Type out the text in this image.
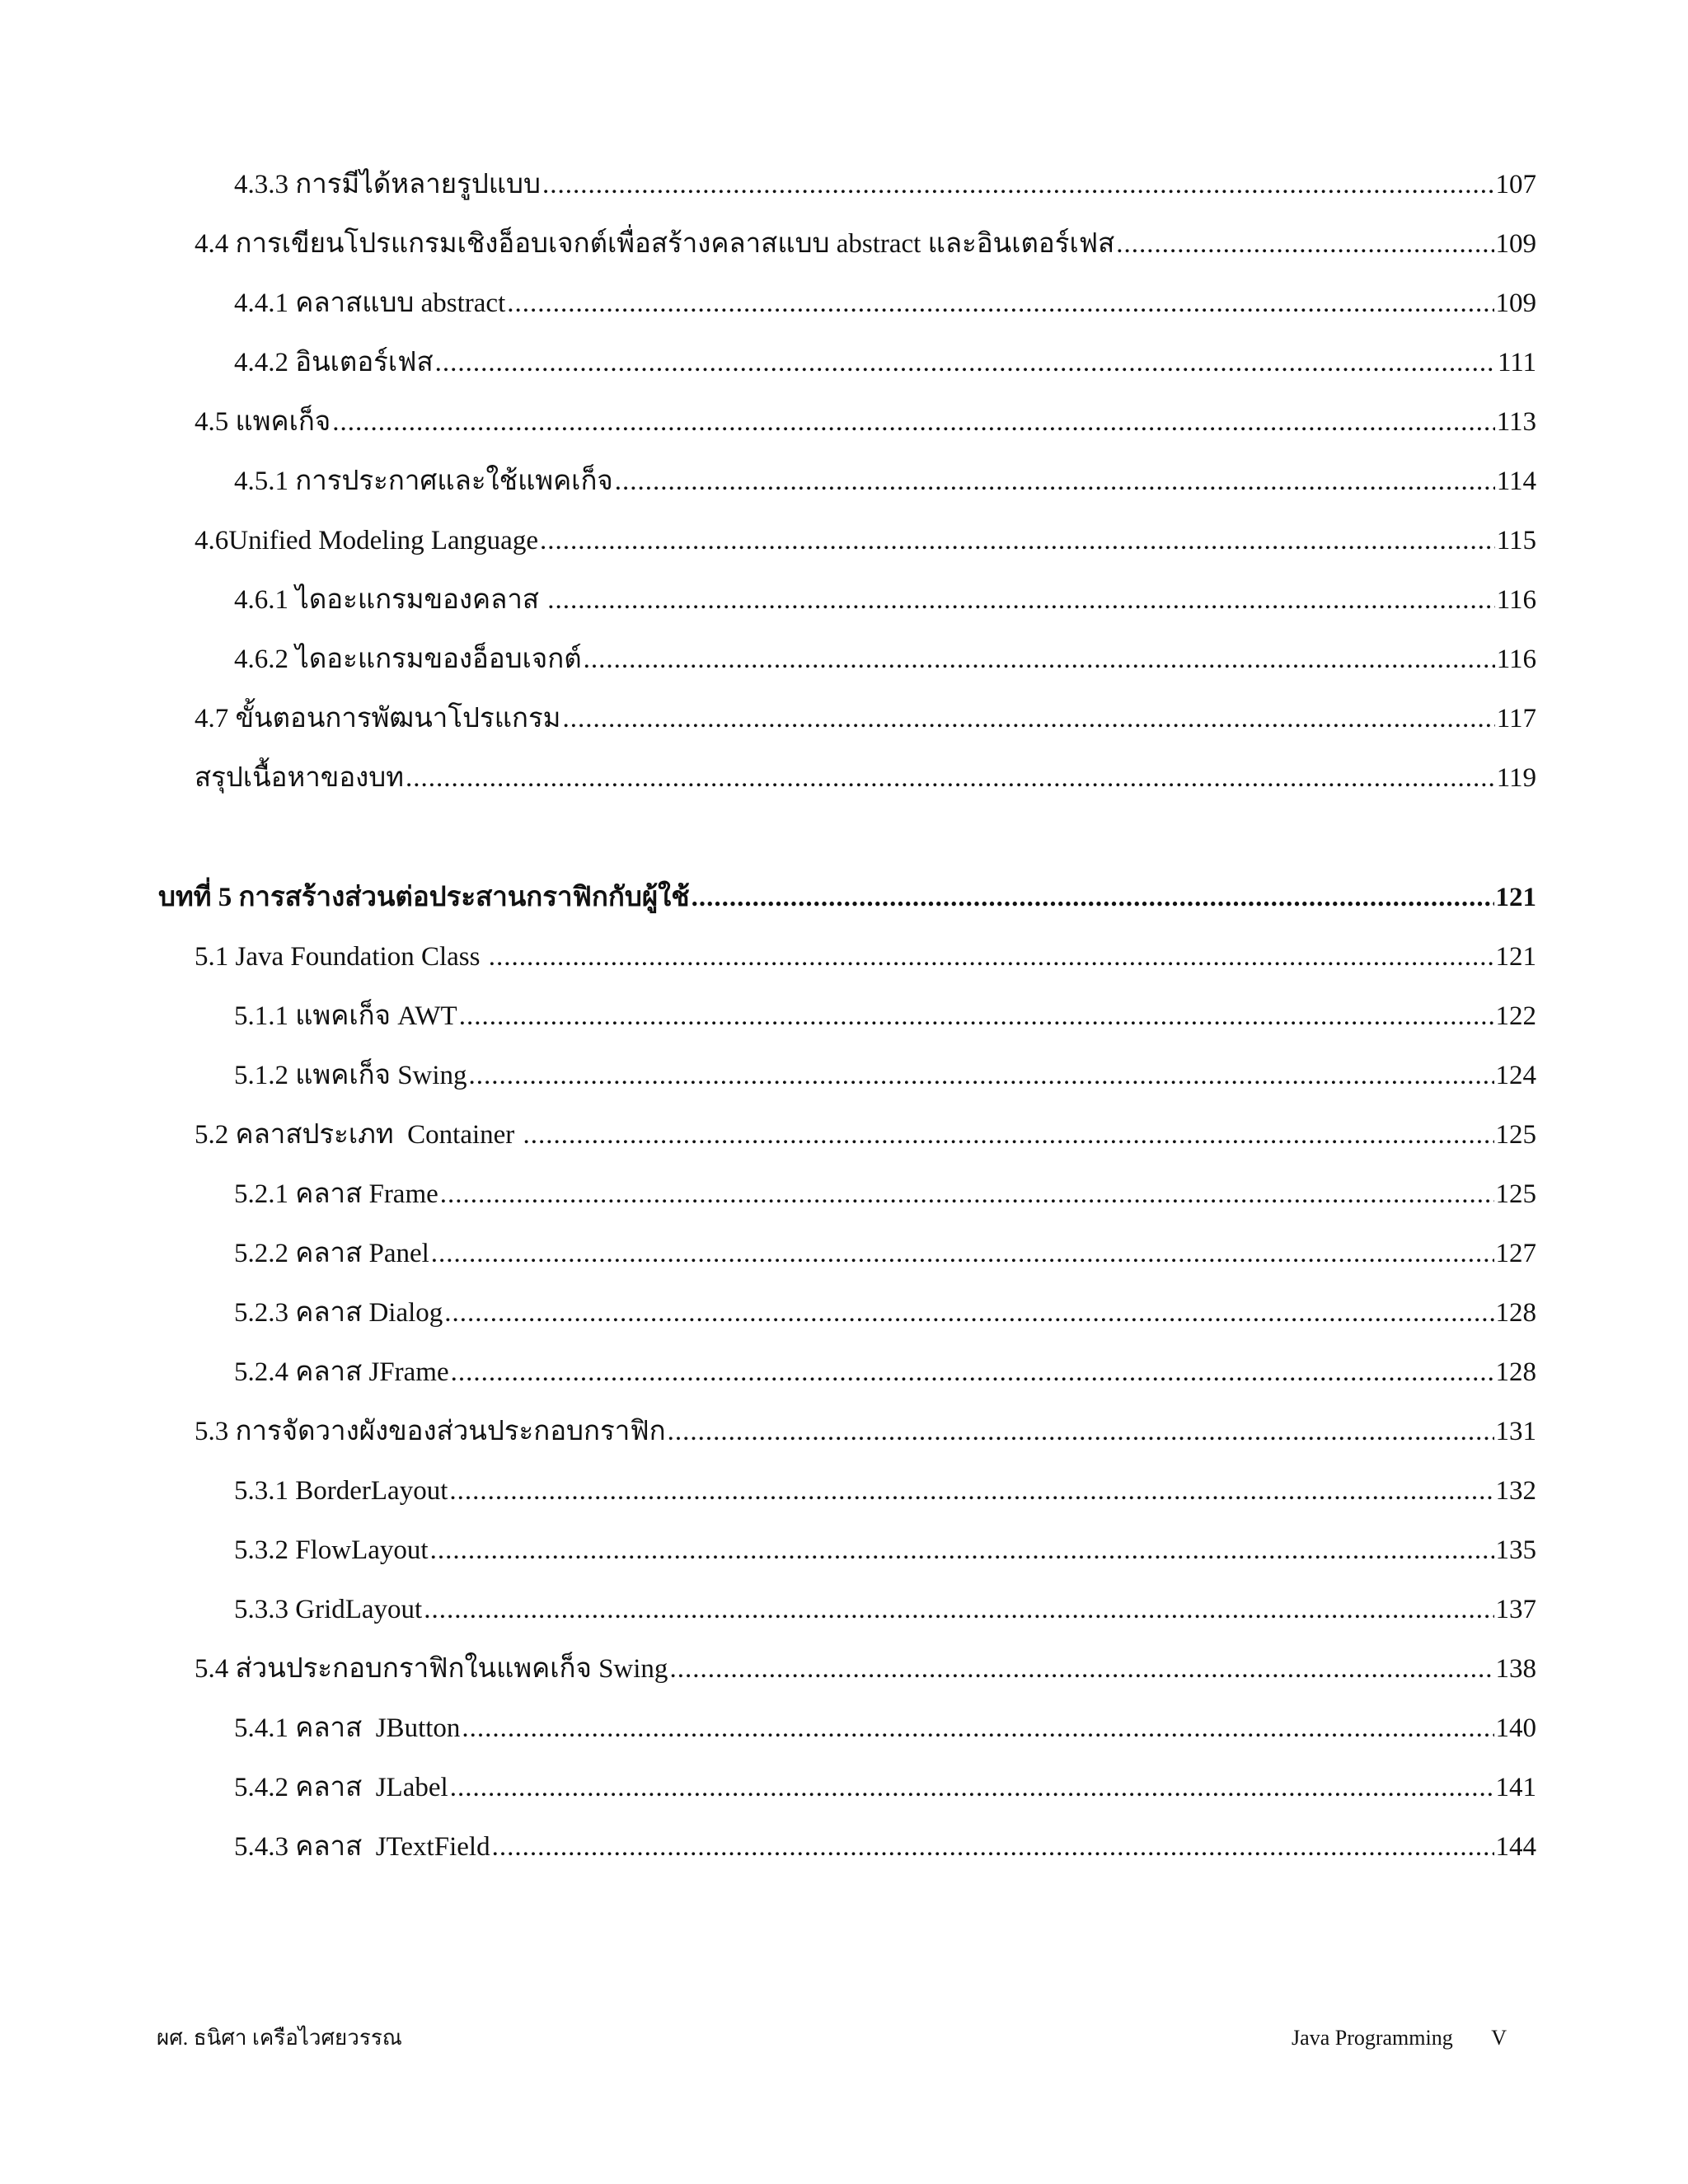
4.3.3 การมีได้หลายรูปแบบ .....	107
4.4 การเขียนโปรแกรมเชิงอ็อบเจกต์เพื่อสร้างคลาสแบบ abstract และอินเตอร์เฟส .....	109
4.4.1 คลาสแบบ abstract .....	109
4.4.2 อินเตอร์เฟส .....	111
4.5 แพคเก็จ .....	113
4.5.1 การประกาศและใช้แพคเก็จ .....	114
4.6Unified Modeling Language .....	115
4.6.1 ไดอะแกรมของคลาส .....	116
4.6.2 ไดอะแกรมของอ็อบเจกต์ .....	116
4.7 ขั้นตอนการพัฒนาโปรแกรม .....	117
สรุปเนื้อหาของบท .....	119
บทที่ 5 การสร้างส่วนต่อประสานกราฟิกกับผู้ใช้ .....	121
5.1 Java Foundation Class .....	121
5.1.1 แพคเก็จ AWT .....	122
5.1.2 แพคเก็จ Swing .....	124
5.2 คลาสประเภท  Container .....	125
5.2.1 คลาส Frame .....	125
5.2.2 คลาส Panel .....	127
5.2.3 คลาส Dialog .....	128
5.2.4 คลาส JFrame .....	128
5.3 การจัดวางผังของส่วนประกอบกราฟิก .....	131
5.3.1 BorderLayout .....	132
5.3.2 FlowLayout .....	135
5.3.3 GridLayout .....	137
5.4 ส่วนประกอบกราฟิกในแพคเก็จ Swing .....	138
5.4.1 คลาส  JButton .....	140
5.4.2 คลาส  JLabel .....	141
5.4.3 คลาส  JTextField .....	144
ผศ. ธนิศา เครือไวศยวรรณ	Java Programming V
